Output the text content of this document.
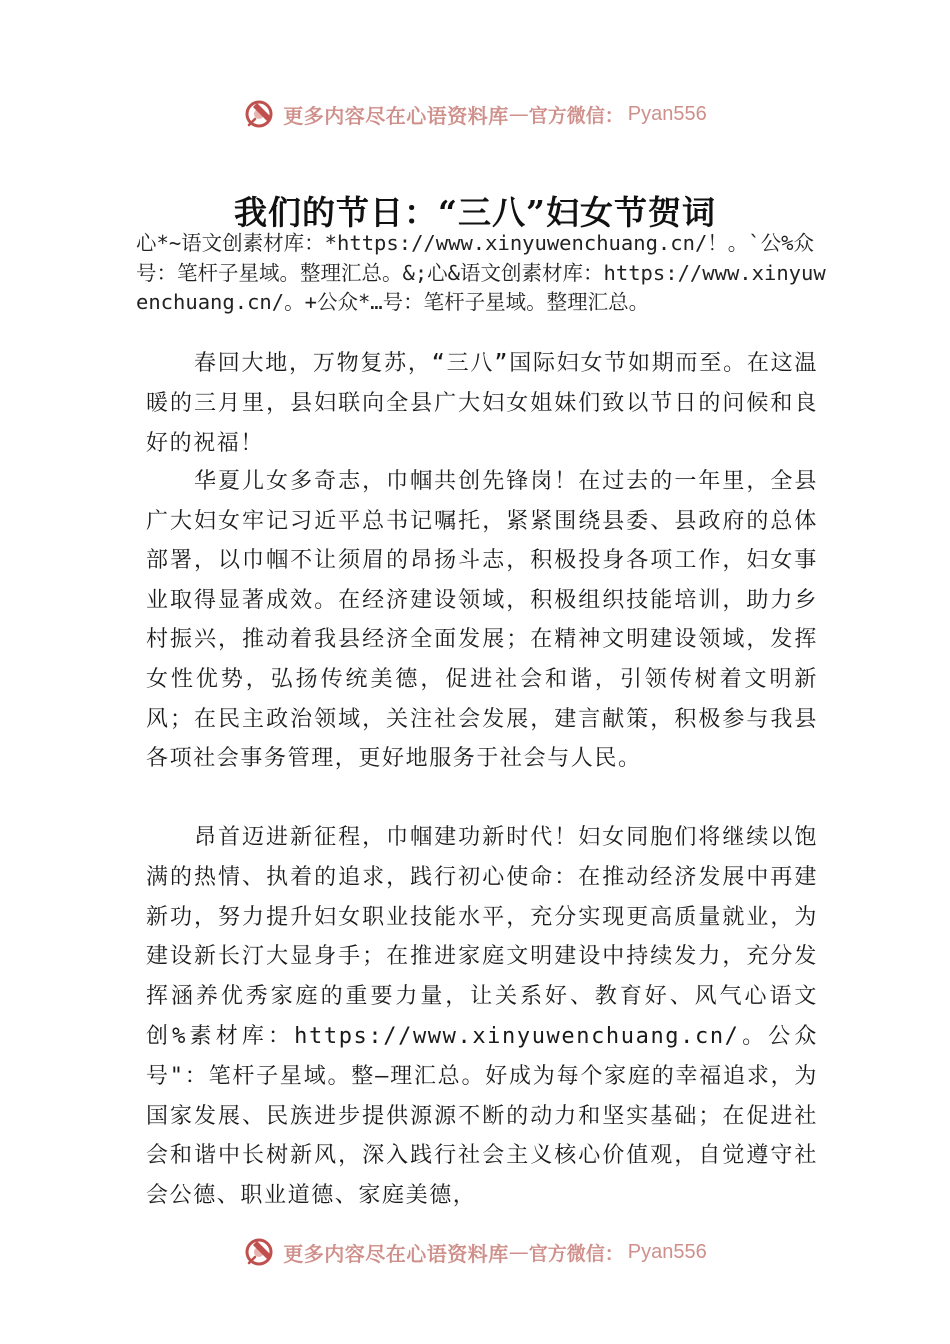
更多内容尽在心语资料库 — 官方微信： Pyan556
我们的节日：“三八”妇女节贺词

心*~语文创素材库：*https://www.xinyuwenchuang.cn/！。`公%众号：笔杆子星域。整理汇总。&;心&语文创素材库：https://www.xinyuwenchuang.cn/。+公众*…号：笔杆子星域。整理汇总。

春回大地，万物复苏，“三八”国际妇女节如期而至。在这温暖的三月里，县妇联向全县广大妇女姐妹们致以节日的问候和良好的祝福！

华夏儿女多奇志，巾帼共创先锋岗！在过去的一年里，全县广大妇女牢记习近平总书记嘱托，紧紧围绕县委、县政府的总体部署，以巾帼不让须眉的昂扬斗志，积极投身各项工作，妇女事业取得显著成效。在经济建设领域，积极组织技能培训，助力乡村振兴，推动着我县经济全面发展；在精神文明建设领域，发挥女性优势，弘扬传统美德，促进社会和谐，引领传树着文明新风；在民主政治领域，关注社会发展，建言献策，积极参与我县各项社会事务管理，更好地服务于社会与人民。

昂首迈进新征程，巾帼建功新时代！妇女同胞们将继续以饱满的热情、执着的追求，践行初心使命：在推动经济发展中再建新功，努力提升妇女职业技能水平，充分实现更高质量就业，为建设新长汀大显身手；在推进家庭文明建设中持续发力，充分发挥涵养优秀家庭的重要力量，让关系好、教育好、风气心语文创%素材库：https://www.xinyuwenchuang.cn/。公众号"：笔杆子星域。整—理汇总。好成为每个家庭的幸福追求，为国家发展、民族进步提供源源不断的动力和坚实基础；在促进社会和谐中长树新风，深入践行社会主义核心价值观，自觉遵守社会公德、职业道德、家庭美德，

更多内容尽在心语资料库 — 官方微信： Pyan556
